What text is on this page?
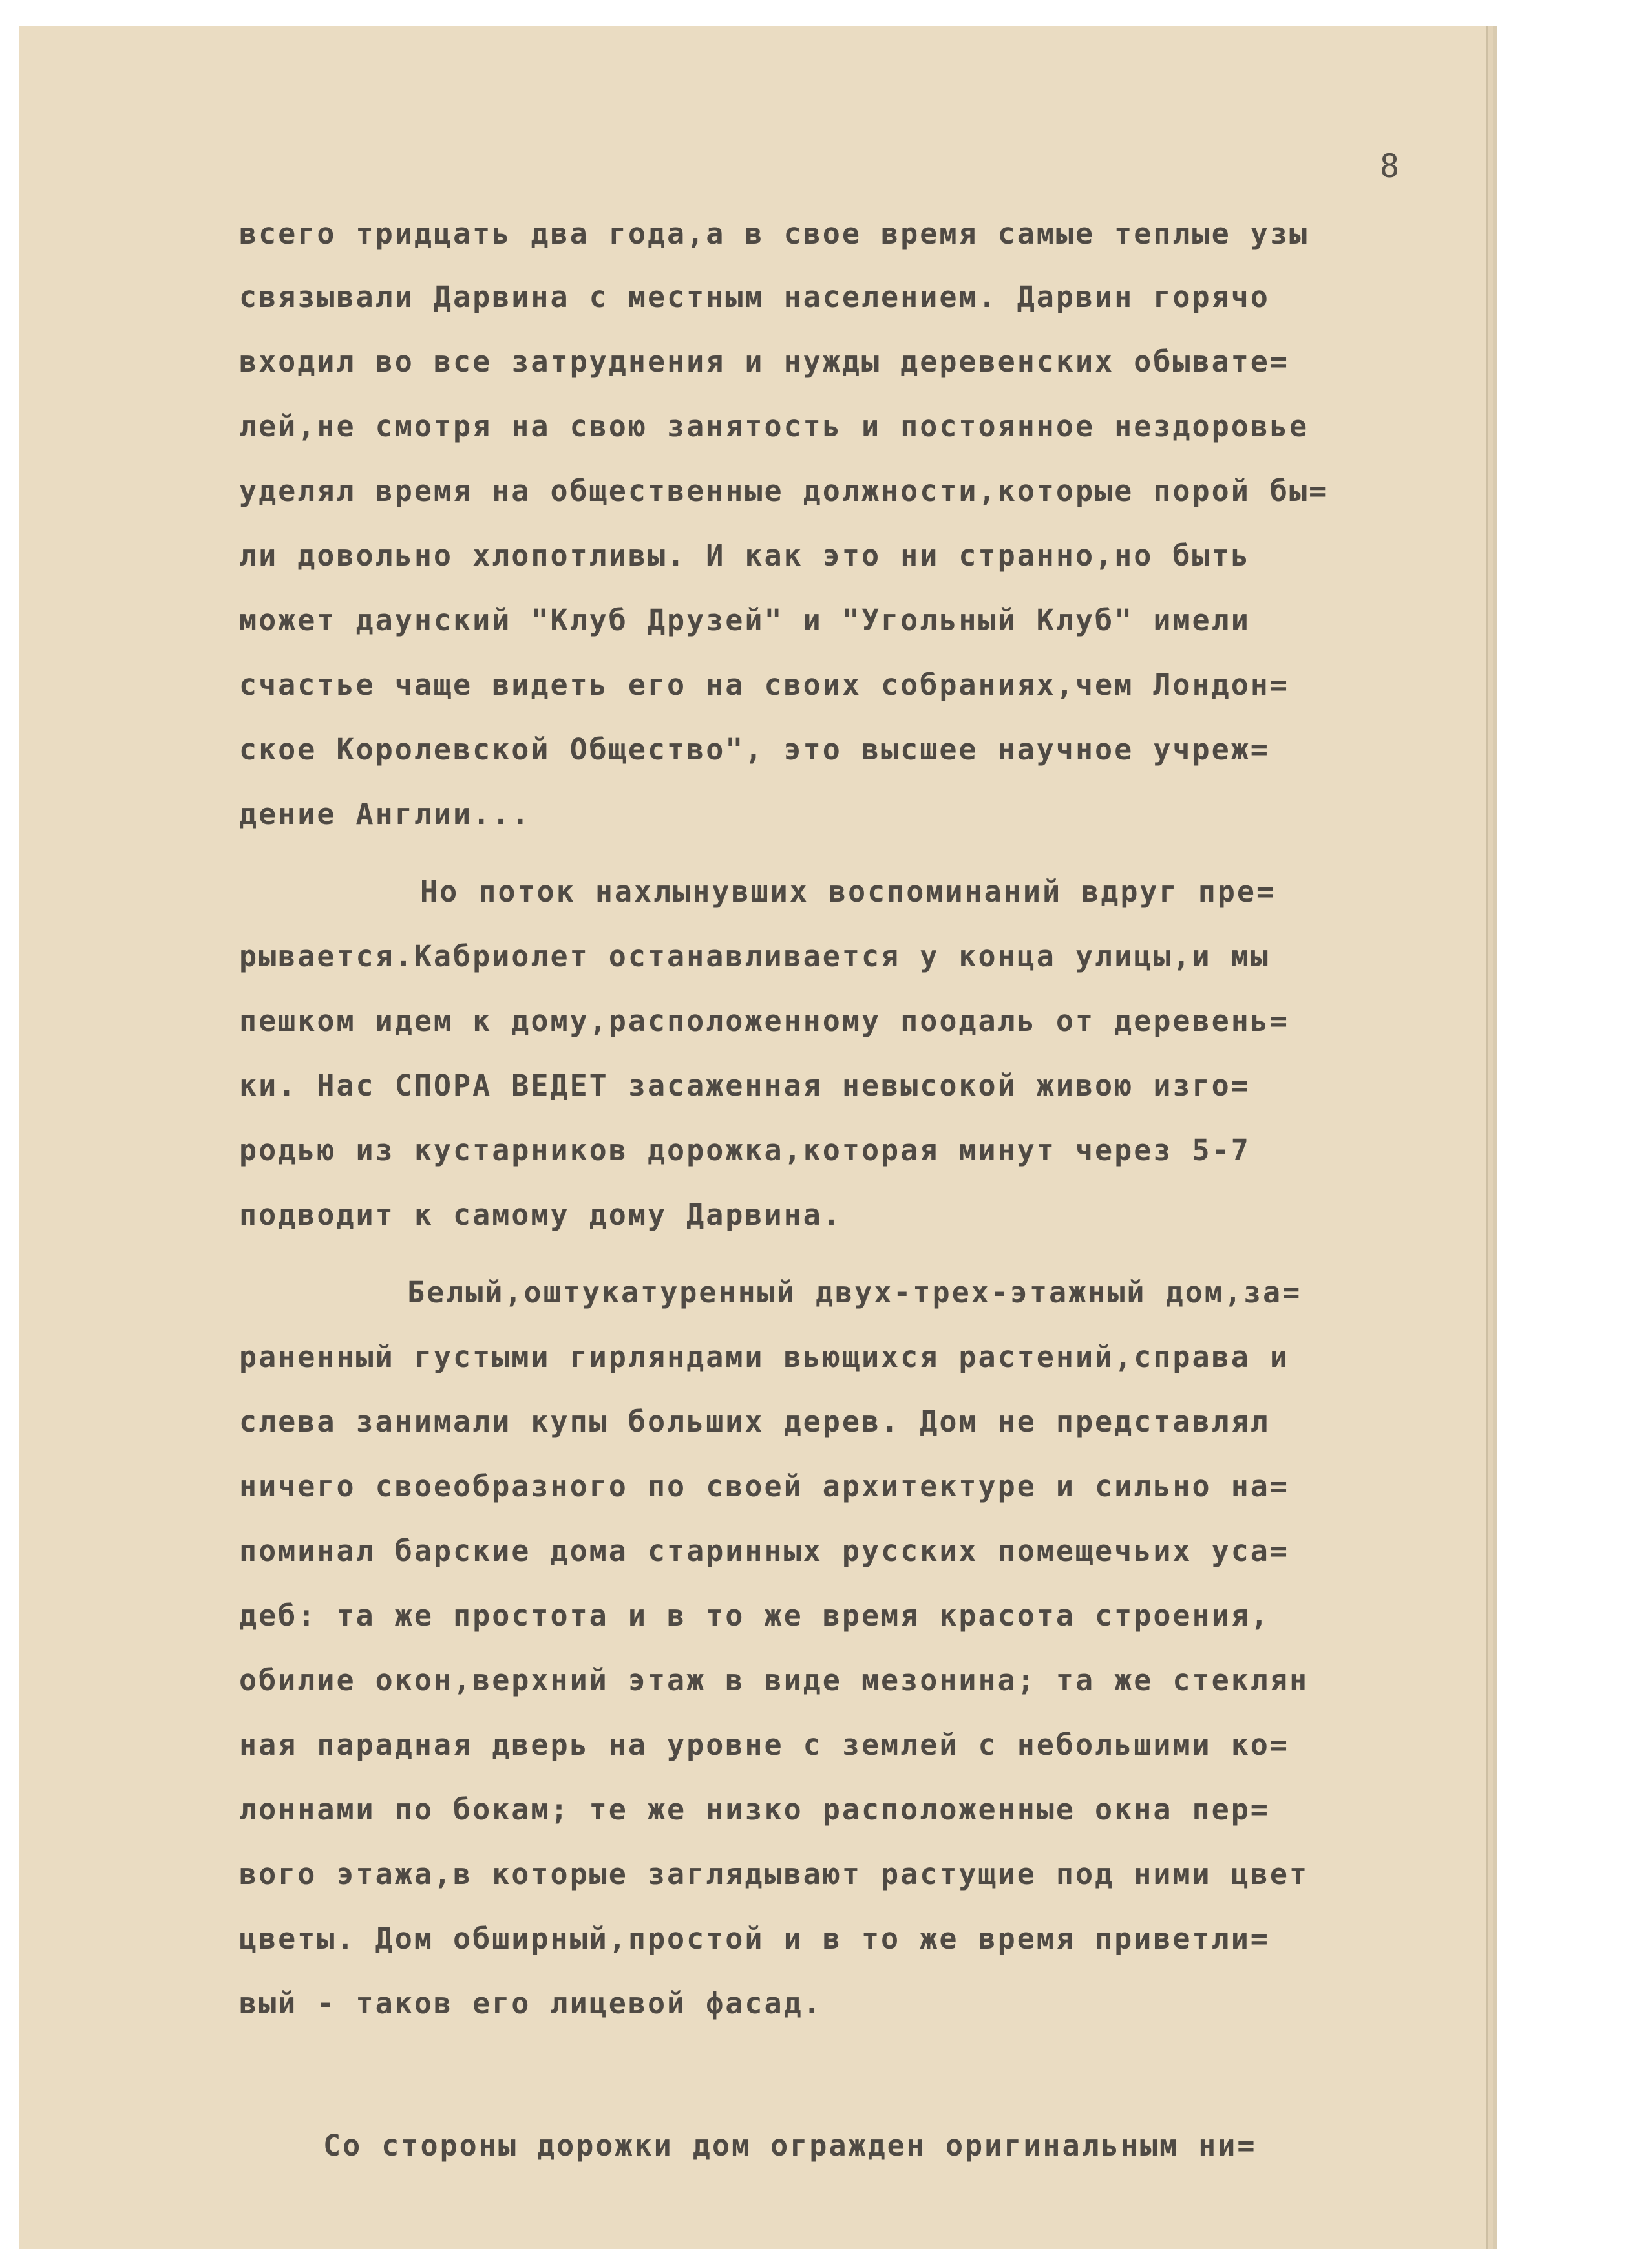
8
всего тридцать два года,а в свое время самые теплые узы
связывали Дарвина с местным населением. Дарвин горячо
входил во все затруднения и нужды деревенских обывате=
лей,не смотря на свою занятость и постоянное нездоровье
уделял время на общественные должности,которые порой бы=
ли довольно хлопотливы. И как это ни странно,но быть
может даунский "Клуб Друзей" и "Угольный Клуб" имели
счастье чаще видеть его на своих собраниях,чем Лондон=
ское Королевской Общество", это высшее научное учреж=
дение Англии...
Но поток нахлынувших воспоминаний вдруг пре=
рывается.Кабриолет останавливается у конца улицы,и мы
пешком идем к дому,расположенному поодаль от деревень=
ки. Нас СПОРА ВЕДЕТ засаженная невысокой живою изго=
родью из кустарников дорожка,которая минут через 5-7
подводит к самому дому Дарвина.
Белый,оштукатуренный двух-трех-этажный дом,за=
раненный густыми гирляндами вьющихся растений,справа и
слева занимали купы больших дерев. Дом не представлял
ничего своеобразного по своей архитектуре и сильно на=
поминал барские дома старинных русских помещечьих уса=
деб: та же простота и в то же время красота строения,
обилие окон,верхний этаж в виде мезонина; та же стеклян
ная парадная дверь на уровне с землей с небольшими ко=
лоннами по бокам; те же низко расположенные окна пер=
вого этажа,в которые заглядывают растущие под ними цвет
цветы. Дом обширный,простой и в то же время приветли=
вый - таков его лицевой фасад.
Со стороны дорожки дом огражден оригинальным ни=
